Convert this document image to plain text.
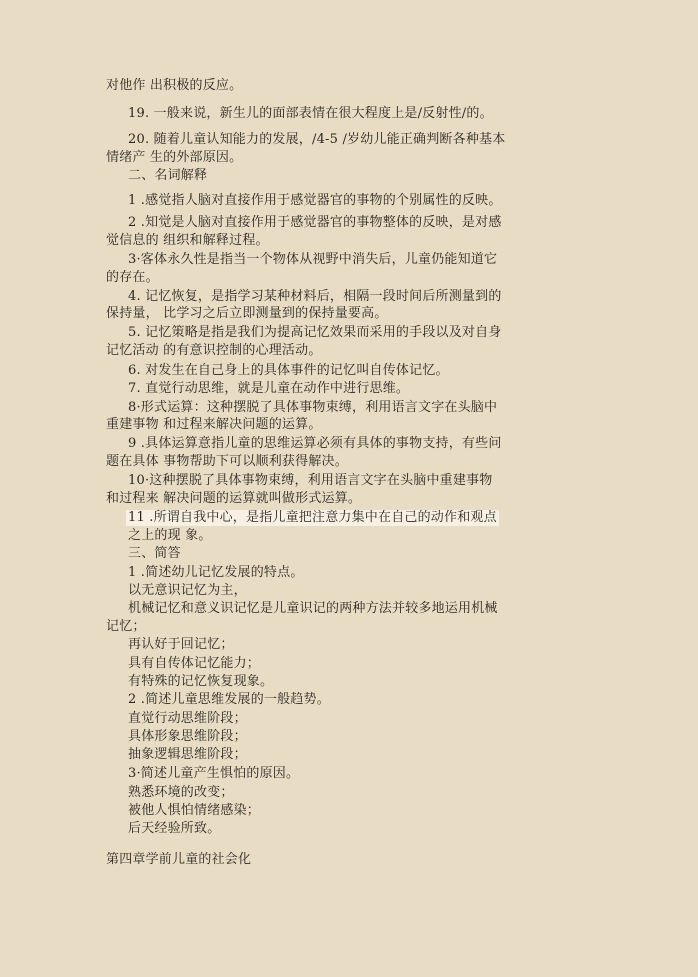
对他作 出积极的反应。
19. 一般来说，新生儿的面部表情在很大程度上是/反射性/的。
20. 随着儿童认知能力的发展，/4-5 /岁幼儿能正确判断各种基本
情绪产 生的外部原因。
二、名词解释
1 .感觉指人脑对直接作用于感觉器官的事物的个别属性的反映。
2 .知觉是人脑对直接作用于感觉器官的事物整体的反映，是对感
觉信息的 组织和解释过程。
3·客体永久性是指当一个物体从视野中消失后，儿童仍能知道它
的存在。
4. 记忆恢复，是指学习某种材料后，相隔一段时间后所测量到的
保持量， 比学习之后立即测量到的保持量要高。
5. 记忆策略是指是我们为提高记忆效果而采用的手段以及对自身
记忆活动 的有意识控制的心理活动。
6. 对发生在自己身上的具体事件的记忆叫自传体记忆。
7. 直觉行动思维，就是儿童在动作中进行思维。
8·形式运算：这种摆脱了具体事物束缚，利用语言文字在头脑中
重建事物 和过程来解决问题的运算。
9 .具体运算意指儿童的思维运算必须有具体的事物支持，有些问
题在具体 事物帮助下可以顺利获得解决。
10·这种摆脱了具体事物束缚，利用语言文字在头脑中重建事物
和过程来 解决问题的运算就叫做形式运算。
11 .所谓自我中心，是指儿童把注意力集中在自己的动作和观点
之上的现 象。
三、简答
1 .简述幼儿记忆发展的特点。
以无意识记忆为主，
机械记忆和意义识记忆是儿童识记的两种方法并较多地运用机械
记忆；
再认好于回记忆；
具有自传体记忆能力；
有特殊的记忆恢复现象。
2 .简述儿童思维发展的一般趋势。
直觉行动思维阶段；
具体形象思维阶段；
抽象逻辑思维阶段；
3·简述儿童产生惧怕的原因。
熟悉环境的改变；
被他人惧怕情绪感染；
后天经验所致。
第四章学前儿童的社会化
